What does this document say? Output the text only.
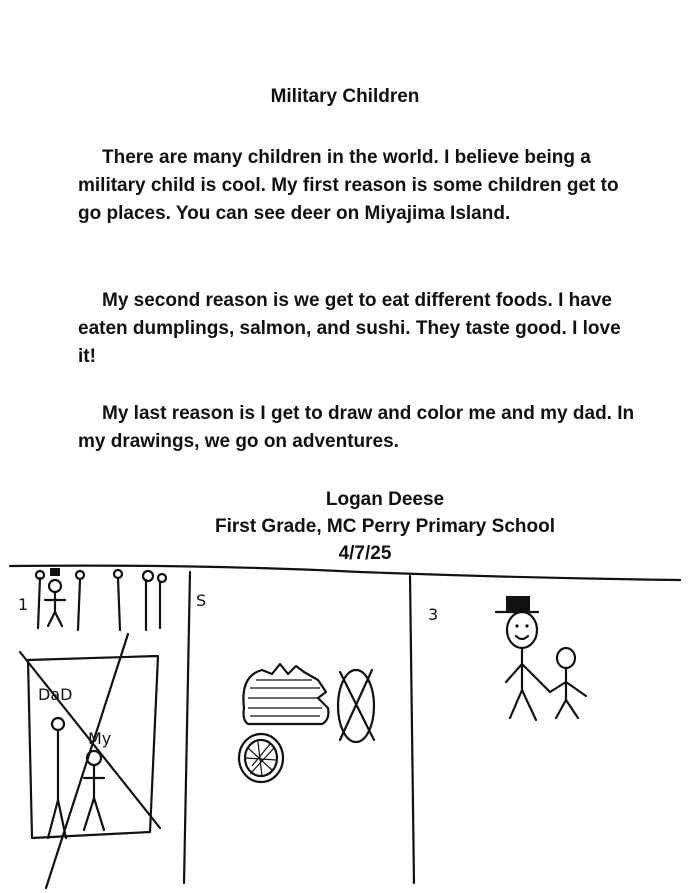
Military Children

There are many children in the world. I believe being a military child is cool. My first reason is some children get to go places. You can see deer on Miyajima Island.

My second reason is we get to eat different foods. I have eaten dumplings, salmon, and sushi. They taste good. I love it!

My last reason is I get to draw and color me and my dad. In my drawings, we go on adventures.

Logan Deese
First Grade, MC Perry Primary School
4/7/25
1
DaD
My
S
3
